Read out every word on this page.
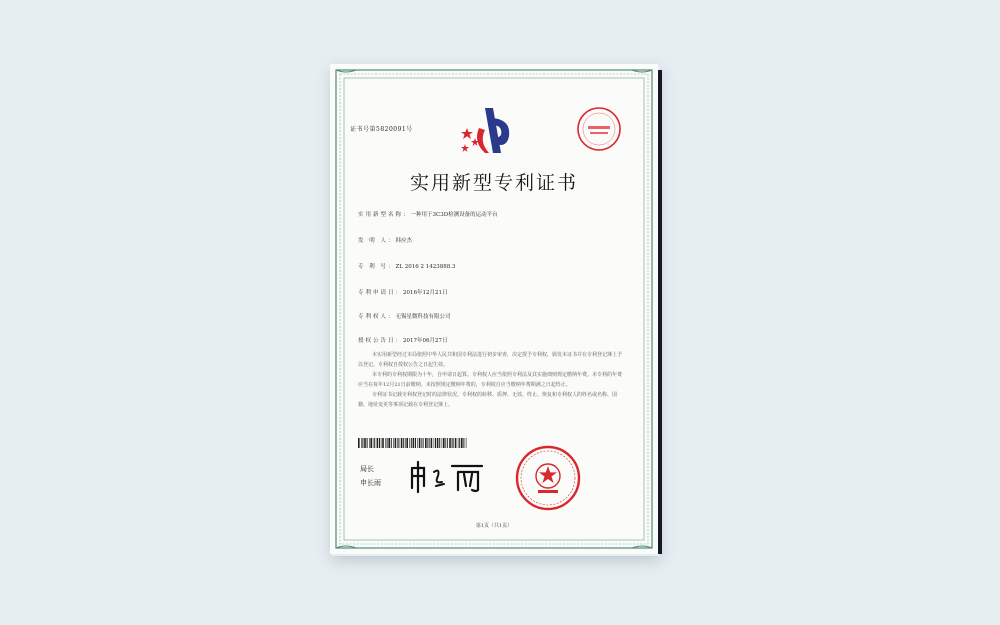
证书号第5820091号
实用新型专利证书
实用新型名称：一种用于3C3D检测设备的运动平台
发 明 人：韩应杰
专 利 号：ZL 2016 2 1423888.3
专利申请日：2016年12月21日
专利权人：无锡星微科技有限公司
授权公告日：2017年06月27日

本实用新型经过本局依照中华人民共和国专利法进行初步审查，决定授予专利权，颁发本证书并在专利登记簿上予以登记。专利权自授权公告之日起生效。

本专利的专利权期限为十年，自申请日起算。专利权人应当依照专利法及其实施细则规定缴纳年费。本专利的年费应当在每年12月21日前缴纳。未按照规定缴纳年费的，专利权自应当缴纳年费期满之日起终止。

专利证书记载专利权登记时的法律状况。专利权的转移、质押、无效、终止、恢复和专利权人的姓名或名称、国籍、地址变更等事项记载在专利登记簿上。

局长
申长雨
第1页（共1页）
